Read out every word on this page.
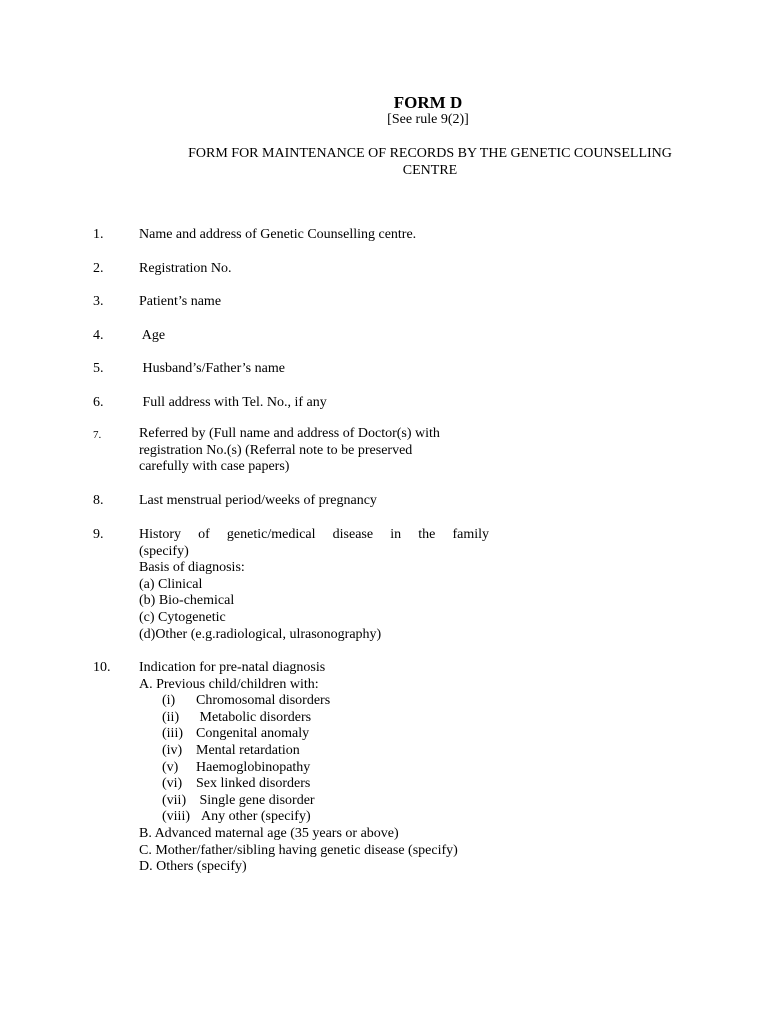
FORM D
[See rule 9(2)]
FORM FOR MAINTENANCE OF RECORDS BY THE GENETIC COUNSELLING
CENTRE
1.	Name and address of Genetic Counselling centre.
2.	Registration No.
3.	Patient’s name
4.	Age
5.	Husband’s/Father’s name
6.	Full address with Tel. No., if any
7.	Referred by (Full name and address of Doctor(s) with
registration No.(s) (Referral note to be preserved
carefully with case papers)
8.	Last menstrual period/weeks of pregnancy
9.	History of genetic/medical disease in the family
(specify)
Basis of diagnosis:
(a) Clinical
(b) Bio-chemical
(c) Cytogenetic
(d)Other (e.g.radiological, ulrasonography)
10. Indication for pre-natal diagnosis
A. Previous child/children with:
(i) Chromosomal disorders
(ii) Metabolic disorders
(iii) Congenital anomaly
(iv) Mental retardation
(v) Haemoglobinopathy
(vi) Sex linked disorders
(vii) Single gene disorder
(viii) Any other (specify)
B. Advanced maternal age (35 years or above)
C. Mother/father/sibling having genetic disease (specify)
D. Others (specify)
